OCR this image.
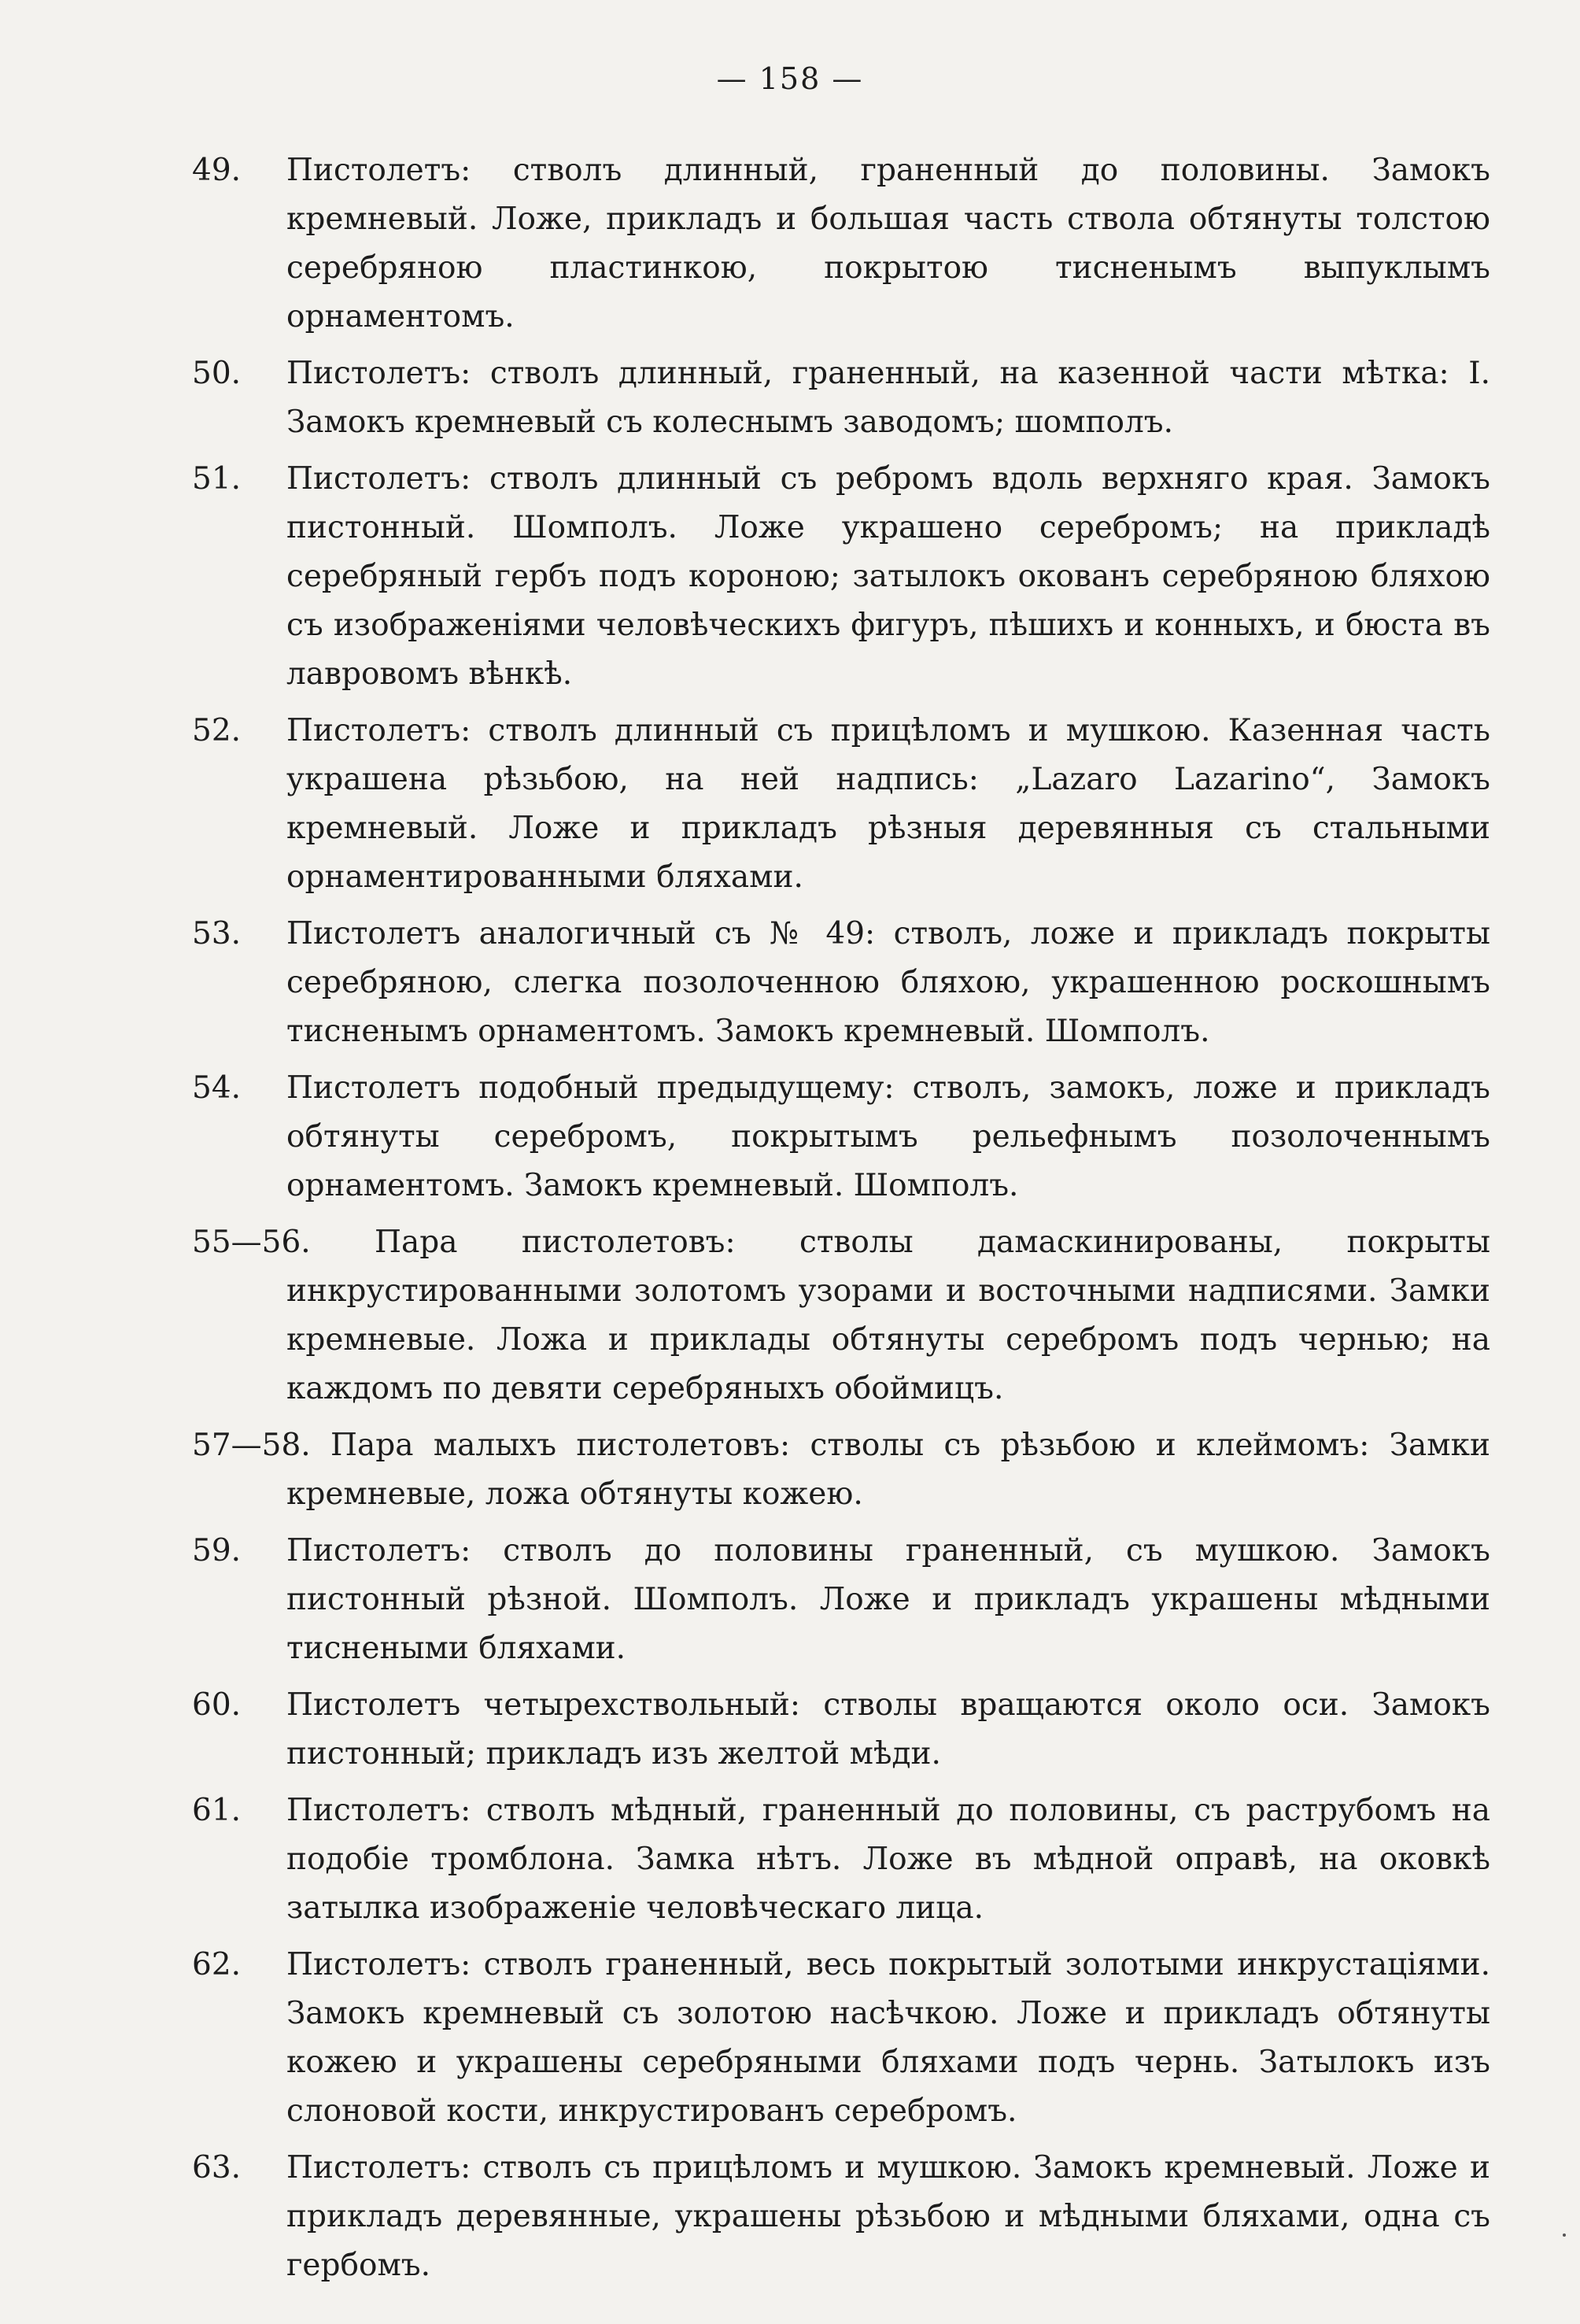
— 158 —
49.	Пистолетъ: стволъ длинный, граненный до половины. Замокъ кремневый. Ложе, прикладъ и большая часть ствола обтянуты толстою серебряною пластинкою, покрытою тисненымъ выпуклымъ орнаментомъ.
50.	Пистолетъ: стволъ длинный, граненный, на казенной части мѣтка: I. Замокъ кремневый съ колеснымъ заводомъ; шомполъ.
51.	Пистолетъ: стволъ длинный съ ребромъ вдоль верхняго края. Замокъ пистонный. Шомполъ. Ложе украшено серебромъ; на прикладѣ серебряный гербъ подъ короною; затылокъ окованъ серебряною бляхою съ изображеніями человѣческихъ фигуръ, пѣшихъ и конныхъ, и бюста въ лавровомъ вѣнкѣ.
52.	Пистолетъ: стволъ длинный съ прицѣломъ и мушкою. Казенная часть украшена рѣзьбою, на ней надпись: „Lazaro Lazarino“, Замокъ кремневый. Ложе и прикладъ рѣзныя деревянныя съ стальными орнаментированными бляхами.
53.	Пистолетъ аналогичный съ № 49: стволъ, ложе и прикладъ покрыты серебряною, слегка позолоченною бляхою, украшенною роскошнымъ тисненымъ орнаментомъ. Замокъ кремневый. Шомполъ.
54.	Пистолетъ подобный предыдущему: стволъ, замокъ, ложе и прикладъ обтянуты серебромъ, покрытымъ рельефнымъ позолоченнымъ орнаментомъ. Замокъ кремневый. Шомполъ.
55—56. Пара пистолетовъ: стволы дамаскинированы, покрыты инкрустированными золотомъ узорами и восточными надписями. Замки кремневые. Ложа и приклады обтянуты серебромъ подъ чернью; на каждомъ по девяти серебряныхъ обоймицъ.
57—58. Пара малыхъ пистолетовъ: стволы съ рѣзьбою и клеймомъ: Замки кремневые, ложа обтянуты кожею.
59.	Пистолетъ: стволъ до половины граненный, съ мушкою. Замокъ пистонный рѣзной. Шомполъ. Ложе и прикладъ украшены мѣдными тиснеными бляхами.
60.	Пистолетъ четырехствольный: стволы вращаются около оси. Замокъ пистонный; прикладъ изъ желтой мѣди.
61.	Пистолетъ: стволъ мѣдный, граненный до половины, съ раструбомъ на подобіе тромблона. Замка нѣтъ. Ложе въ мѣдной оправѣ, на оковкѣ затылка изображеніе человѣческаго лица.
62.	Пистолетъ: стволъ граненный, весь покрытый золотыми инкрустаціями. Замокъ кремневый съ золотою насѣчкою. Ложе и прикладъ обтянуты кожею и украшены серебряными бляхами подъ чернь. Затылокъ изъ слоновой кости, инкрустированъ серебромъ.
63.	Пистолетъ: стволъ съ прицѣломъ и мушкою. Замокъ кремневый. Ложе и прикладъ деревянные, украшены рѣзьбою и мѣдными бляхами, одна съ гербомъ.
